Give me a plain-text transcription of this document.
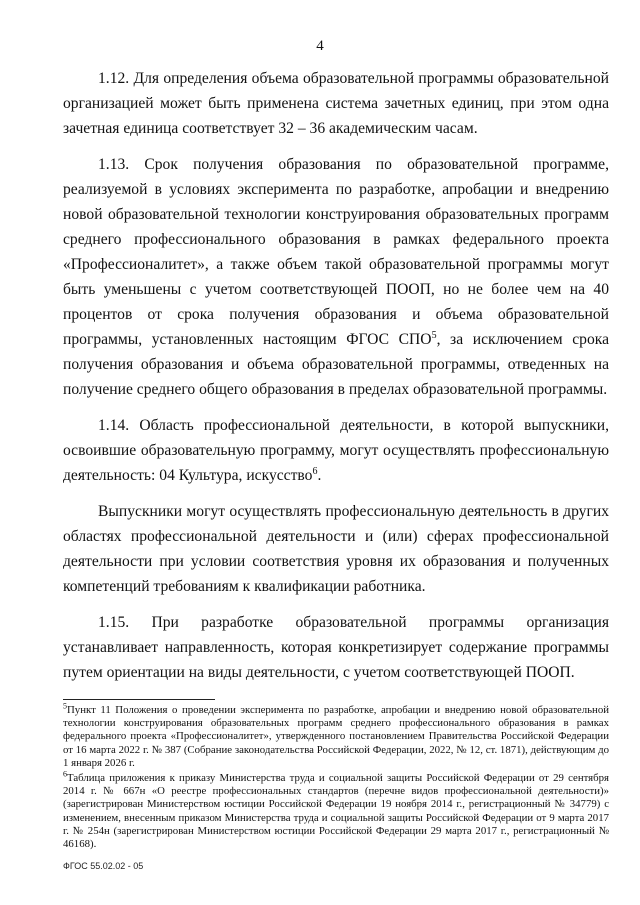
4

1.12. Для определения объема образовательной программы образовательной организацией может быть применена система зачетных единиц, при этом одна зачетная единица соответствует 32 – 36 академическим часам.

1.13. Срок получения образования по образовательной программе, реализуемой в условиях эксперимента по разработке, апробации и внедрению новой образовательной технологии конструирования образовательных программ среднего профессионального образования в рамках федерального проекта «Профессионалитет», а также объем такой образовательной программы могут быть уменьшены с учетом соответствующей ПООП, но не более чем на 40 процентов от срока получения образования и объема образовательной программы, установленных настоящим ФГОС СПО$^5$, за исключением срока получения образования и объема образовательной программы, отведенных на получение среднего общего образования в пределах образовательной программы.

1.14. Область профессиональной деятельности, в которой выпускники, освоившие образовательную программу, могут осуществлять профессиональную деятельность: 04 Культура, искусство$^6$.

Выпускники могут осуществлять профессиональную деятельность в других областях профессиональной деятельности и (или) сферах профессиональной деятельности при условии соответствия уровня их образования и полученных компетенций требованиям к квалификации работника.

1.15. При разработке образовательной программы организация устанавливает направленность, которая конкретизирует содержание программы путем ориентации на виды деятельности, с учетом соответствующей ПООП.

$^5$Пункт 11 Положения о проведении эксперимента по разработке, апробации и внедрению новой образовательной технологии конструирования образовательных программ среднего профессионального образования в рамках федерального проекта «Профессионалитет», утвержденного постановлением Правительства Российской Федерации от 16 марта 2022 г. № 387 (Собрание законодательства Российской Федерации, 2022, № 12, ст. 1871), действующим до 1 января 2026 г.

$^6$Таблица приложения к приказу Министерства труда и социальной защиты Российской Федерации от 29 сентября 2014 г. № 667н «О реестре профессиональных стандартов (перечне видов профессиональной деятельности)» (зарегистрирован Министерством юстиции Российской Федерации 19 ноября 2014 г., регистрационный № 34779) с изменением, внесенным приказом Министерства труда и социальной защиты Российской Федерации от 9 марта 2017 г. № 254н (зарегистрирован Министерством юстиции Российской Федерации 29 марта 2017 г., регистрационный № 46168).

ФГОС 55.02.02 - 05
